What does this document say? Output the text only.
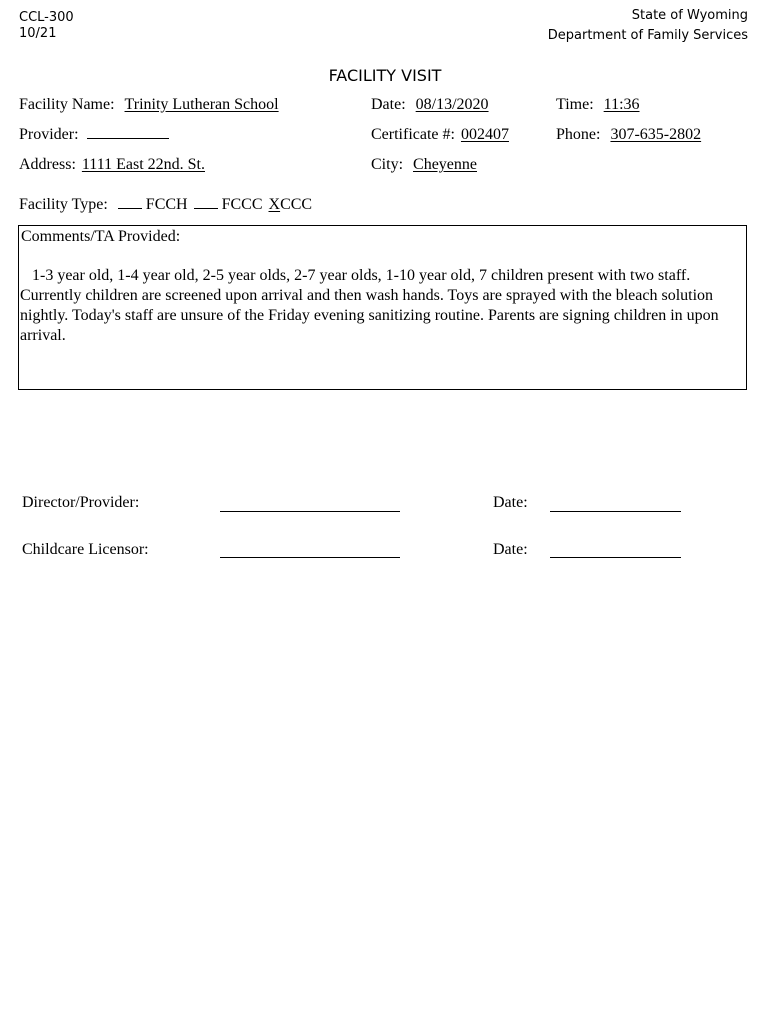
CCL-300
10/21
State of Wyoming
Department of Family Services
FACILITY VISIT
Facility Name: Trinity Lutheran School	Date: 08/13/2020	Time: 11:36
Provider:	Certificate #: 002407	Phone: 307-635-2802
Address: 1111 East 22nd. St.	City: Cheyenne
Facility Type: FCCH FCCC XCCC
Comments/TA Provided:
1-3 year old, 1-4 year old, 2-5 year olds, 2-7 year olds, 1-10 year old, 7 children present with two staff. Currently children are screened upon arrival and then wash hands. Toys are sprayed with the bleach solution nightly. Today's staff are unsure of the Friday evening sanitizing routine. Parents are signing children in upon arrival.
Director/Provider:	Date:
Childcare Licensor:	Date:
